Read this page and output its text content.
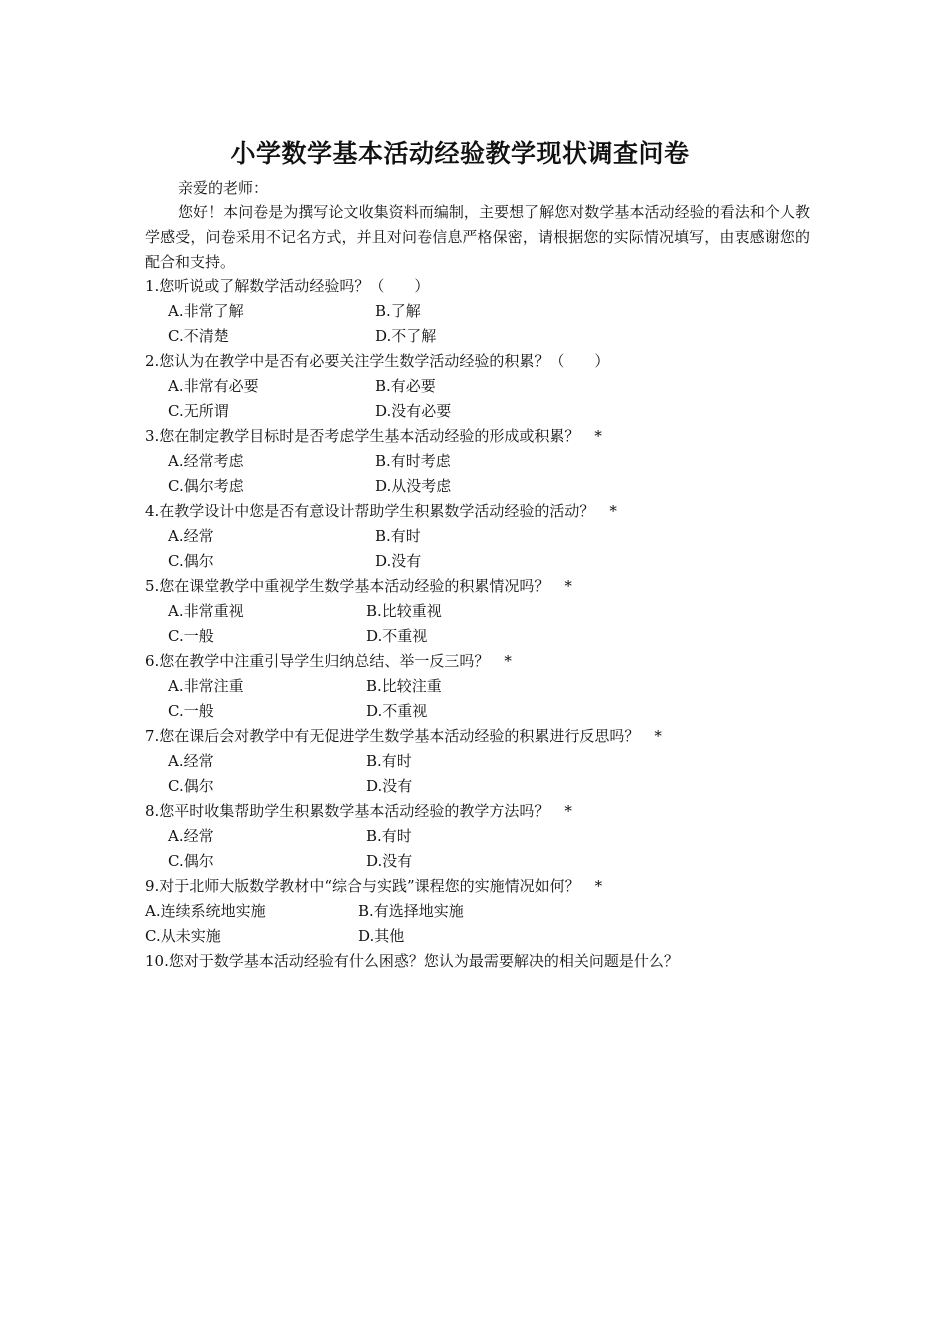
小学数学基本活动经验教学现状调查问卷
亲爱的老师：
您好！本问卷是为撰写论文收集资料而编制，主要想了解您对数学基本活动经验的看法和个人教学感受，问卷采用不记名方式，并且对问卷信息严格保密，请根据您的实际情况填写，由衷感谢您的配合和支持。
1.您听说或了解数学活动经验吗？（　　）
A.非常了解	B.了解
C.不清楚	D.不了解
2.您认为在教学中是否有必要关注学生数学活动经验的积累？（　　）
A.非常有必要	B.有必要
C.无所谓	D.没有必要
3.您在制定教学目标时是否考虑学生基本活动经验的形成或积累？　*
A.经常考虑	B.有时考虑
C.偶尔考虑	D.从没考虑
4.在教学设计中您是否有意设计帮助学生积累数学活动经验的活动？　*
A.经常	B.有时
C.偶尔	D.没有
5.您在课堂教学中重视学生数学基本活动经验的积累情况吗？　*
A.非常重视	B.比较重视
C.一般	D.不重视
6.您在教学中注重引导学生归纳总结、举一反三吗？　*
A.非常注重	B.比较注重
C.一般	D.不重视
7.您在课后会对教学中有无促进学生数学基本活动经验的积累进行反思吗？　*
A.经常	B.有时
C.偶尔	D.没有
8.您平时收集帮助学生积累数学基本活动经验的教学方法吗？　*
A.经常	B.有时
C.偶尔	D.没有
9.对于北师大版数学教材中“综合与实践”课程您的实施情况如何？　*
A.连续系统地实施	B.有选择地实施
C.从未实施	D.其他
10.您对于数学基本活动经验有什么困惑？您认为最需要解决的相关问题是什么？
